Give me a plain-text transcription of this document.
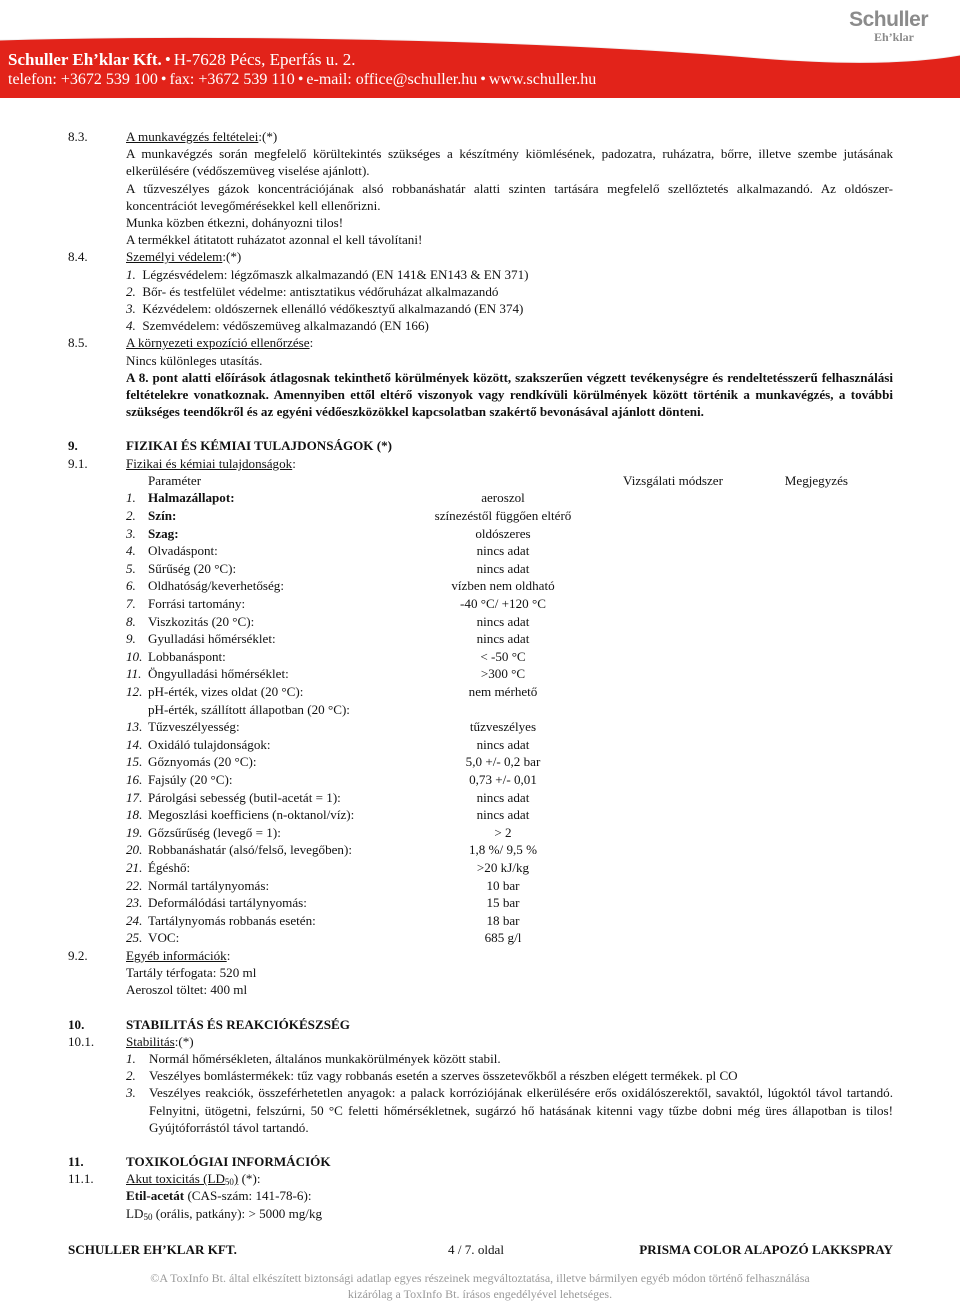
Schuller
Eh’klar
Schuller Eh’klar Kft. • H-7628 Pécs, Eperfás u. 2.
telefon: +3672 539 100 • fax: +3672 539 110 • e-mail: office@schuller.hu • www.schuller.hu
8.3.	A munkavégzés feltételei:(*)
A munkavégzés során megfelelő körültekintés szükséges a készítmény kiömlésének, padozatra, ruházatra, bőrre, illetve szembe jutásának elkerülésére (védőszemüveg viselése ajánlott).
A tűzveszélyes gázok koncentrációjának alsó robbanáshatár alatti szinten tartására megfelelő szellőztetés alkalmazandó. Az oldószer-koncentrációt levegőmérésekkel kell ellenőrizni.
Munka közben étkezni, dohányozni tilos!
A termékkel átitatott ruházatot azonnal el kell távolítani!
8.4.	Személyi védelem:(*)
1. Légzésvédelem: légzőmaszk alkalmazandó (EN 141& EN143 & EN 371)
2. Bőr- és testfelület védelme: antisztatikus védőruházat alkalmazandó
3. Kézvédelem: oldószernek ellenálló védőkesztyű alkalmazandó (EN 374)
4. Szemvédelem: védőszemüveg alkalmazandó (EN 166)
8.5.	A környezeti expozíció ellenőrzése:
Nincs különleges utasítás.
A 8. pont alatti előírások átlagosnak tekinthető körülmények között, szakszerűen végzett tevékenységre és rendeltetésszerű felhasználási feltételekre vonatkoznak. Amennyiben ettől eltérő viszonyok vagy rendkívüli körülmények között történik a munkavégzés, a további szükséges teendőkről és az egyéni védőeszközökkel kapcsolatban szakértő bevonásával ajánlott dönteni.
9.	FIZIKAI ÉS KÉMIAI TULAJDONSÁGOK (*)
9.1.	Fizikai és kémiai tulajdonságok:
Paraméter		Vizsgálati módszer	Megjegyzés
1. Halmazállapot:	aeroszol		
2. Szín:	színezéstől függően eltérő		
3. Szag:	oldószeres		
4. Olvadáspont:	nincs adat		
5. Sűrűség (20 °C):	nincs adat		
6. Oldhatóság/keverhetőség:	vízben nem oldható		
7. Forrási tartomány:	-40 °C/ +120 °C		
8. Viszkozitás (20 °C):	nincs adat		
9. Gyulladási hőmérséklet:	nincs adat		
10. Lobbanáspont:	< -50 °C		
11. Öngyulladási hőmérséklet:	>300 °C		
12. pH-érték, vizes oldat (20 °C):	nem mérhető		
pH-érték, szállított állapotban (20 °C):			
13. Tűzveszélyesség:	tűzveszélyes		
14. Oxidáló tulajdonságok:	nincs adat		
15. Gőznyomás (20 °C):	5,0 +/- 0,2 bar		
16. Fajsúly (20 °C):	0,73 +/- 0,01		
17. Párolgási sebesség (butil-acetát = 1):	nincs adat		
18. Megoszlási koefficiens (n-oktanol/víz):	nincs adat		
19. Gőzsűrűség (levegő = 1):	> 2		
20. Robbanáshatár (alsó/felső, levegőben):	1,8 %/ 9,5 %		
21. Égéshő:	>20 kJ/kg		
22. Normál tartálynyomás:	10 bar		
23. Deformálódási tartálynyomás:	15 bar		
24. Tartálynyomás robbanás esetén:	18 bar		
25. VOC:	685 g/l		
9.2.	Egyéb információk:
Tartály térfogata: 520 ml
Aeroszol töltet: 400 ml
10.	STABILITÁS ÉS REAKCIÓKÉSZSÉG
10.1. Stabilitás:(*)
1. Normál hőmérsékleten, általános munkakörülmények között stabil.
2. Veszélyes bomlástermékek: tűz vagy robbanás esetén a szerves összetevőkből a részben elégett termékek. pl CO
3. Veszélyes reakciók, összeférhetetlen anyagok: a palack korróziójának elkerülésére erős oxidálószerektől, savaktól, lúgoktól távol tartandó. Felnyitni, ütögetni, felszúrni, 50 °C feletti hőmérsékletnek, sugárzó hő hatásának kitenni vagy tűzbe dobni még üres állapotban is tilos! Gyújtóforrástól távol tartandó.
11.	TOXIKOLÓGIAI INFORMÁCIÓK
11.1. Akut toxicitás $(LD_{50})$ (*):
Etil-acetát (CAS-szám: 141-78-6):
$LD_{50}$ (orális, patkány): > 5000 mg/kg
SCHULLER EH’KLAR KFT.	4 / 7. oldal	PRISMA COLOR ALAPOZÓ LAKKSPRAY
©A ToxInfo Bt. által elkészített biztonsági adatlap egyes részeinek megváltoztatása, illetve bármilyen egyéb módon történő felhasználása
kizárólag a ToxInfo Bt. írásos engedélyével lehetséges.
